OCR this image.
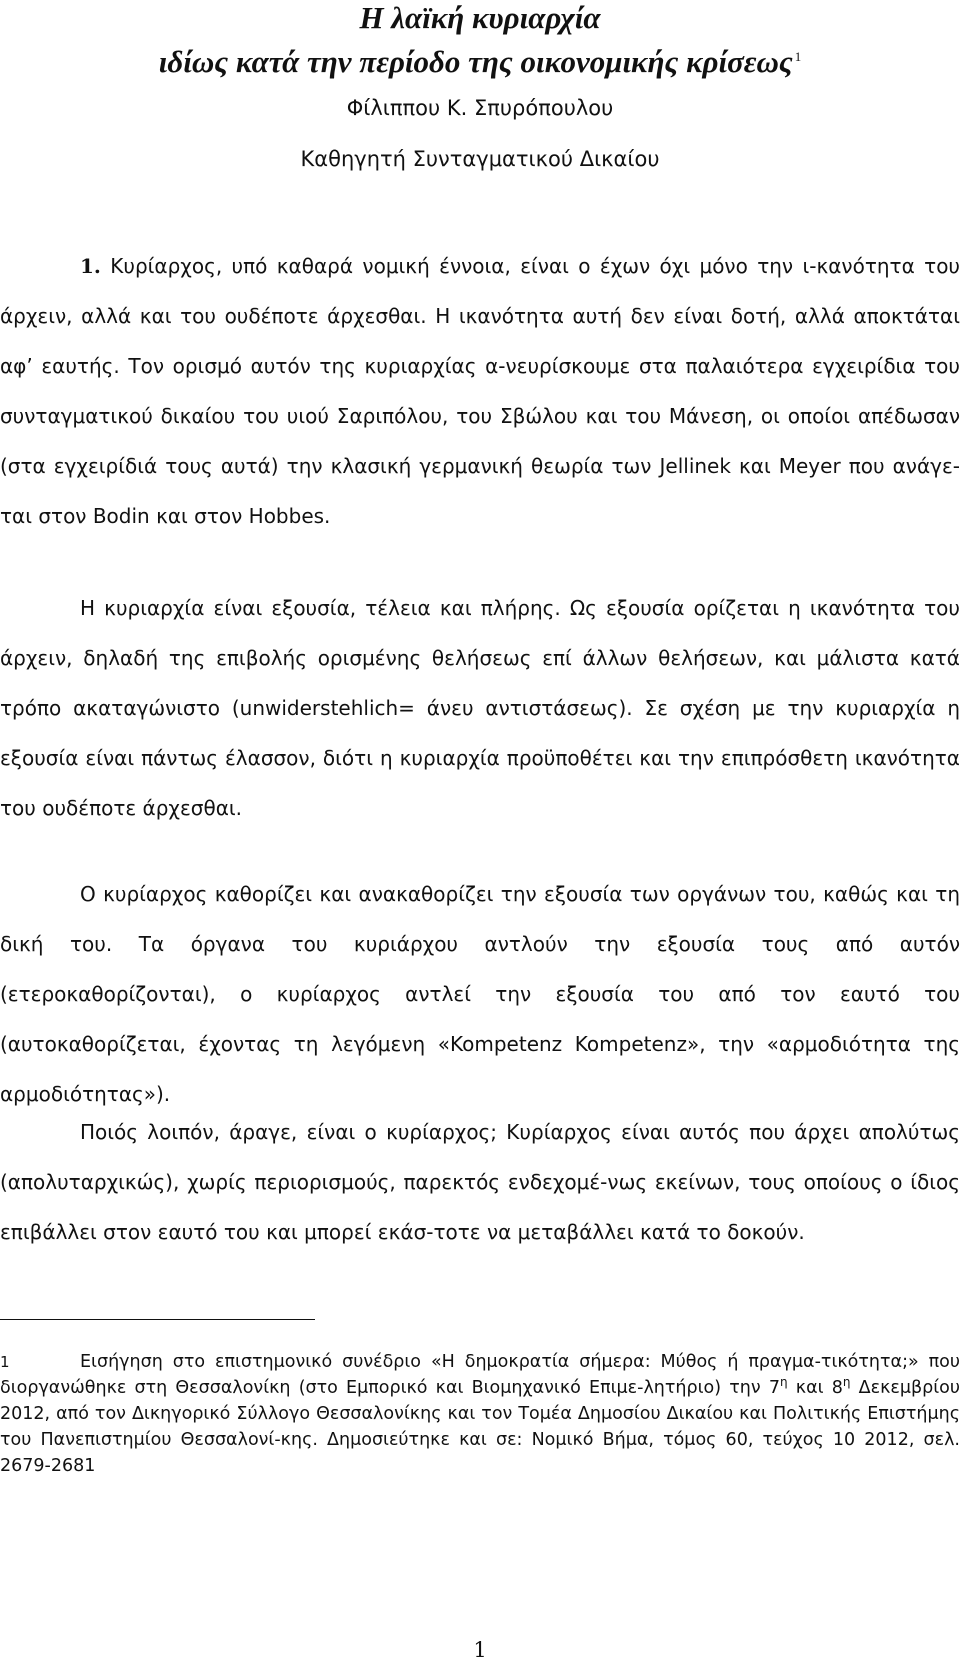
Η λαϊκή κυριαρχία
ιδίως κατά την περίοδο της οικονομικής κρίσεως $^1$
Φίλιππου Κ. Σπυρόπουλου
Καθηγητή Συνταγματικού Δικαίου

1. Κυρίαρχος, υπό καθαρά νομική έννοια, είναι ο έχων όχι μόνο την ι-κανότητα του άρχειν, αλλά και του ουδέποτε άρχεσθαι. Η ικανότητα αυτή δεν είναι δοτή, αλλά αποκτάται αφ’ εαυτής. Τον ορισμό αυτόν της κυριαρχίας α-νευρίσκουμε στα παλαιότερα εγχειρίδια του συνταγματικού δικαίου του υιού Σαριπόλου, του Σβώλου και του Μάνεση, οι οποίοι απέδωσαν (στα εγχειρίδιά τους αυτά) την κλασική γερμανική θεωρία των Jellinek και Meyer που ανάγε-ται στον Bodin και στον Hobbes.

Η κυριαρχία είναι εξουσία, τέλεια και πλήρης. Ως εξουσία ορίζεται η ικανότητα του άρχειν, δηλαδή της επιβολής ορισμένης θελήσεως επί άλλων θελήσεων, και μάλιστα κατά τρόπο ακαταγώνιστο (unwiderstehlich= άνευ αντιστάσεως). Σε σχέση με την κυριαρχία η εξουσία είναι πάντως έλασσον, διότι η κυριαρχία προϋποθέτει και την επιπρόσθετη ικανότητα του ουδέποτε άρχεσθαι.

Ο κυρίαρχος καθορίζει και ανακαθορίζει την εξουσία των οργάνων του, καθώς και τη δική του. Τα όργανα του κυριάρχου αντλούν την εξουσία τους από αυτόν (ετεροκαθορίζονται), ο κυρίαρχος αντλεί την εξουσία του από τον εαυτό του (αυτοκαθορίζεται, έχοντας τη λεγόμενη «Kompetenz Kompetenz», την «αρμοδιότητα της αρμοδιότητας»).

Ποιός λοιπόν, άραγε, είναι ο κυρίαρχος; Κυρίαρχος είναι αυτός που άρχει απολύτως (απολυταρχικώς), χωρίς περιορισμούς, παρεκτός ενδεχομέ-νως εκείνων, τους οποίους ο ίδιος επιβάλλει στον εαυτό του και μπορεί εκάσ-τοτε να μεταβάλλει κατά το δοκούν.

1	Εισήγηση στο επιστημονικό συνέδριο «Η δημοκρατία σήμερα: Μύθος ή πραγμα-τικότητα;» που διοργανώθηκε στη Θεσσαλονίκη (στο Εμπορικό και Βιομηχανικό Επιμε-λητήριο) την $7^\eta$ και $8^\eta$ Δεκεμβρίου 2012, από τον Δικηγορικό Σύλλογο Θεσσαλονίκης και τον Τομέα Δημοσίου Δικαίου και Πολιτικής Επιστήμης του Πανεπιστημίου Θεσσαλονί-κης. Δημοσιεύτηκε και σε: Νομικό Βήμα, τόμος 60, τεύχος 10 2012, σελ. 2679-2681

1
